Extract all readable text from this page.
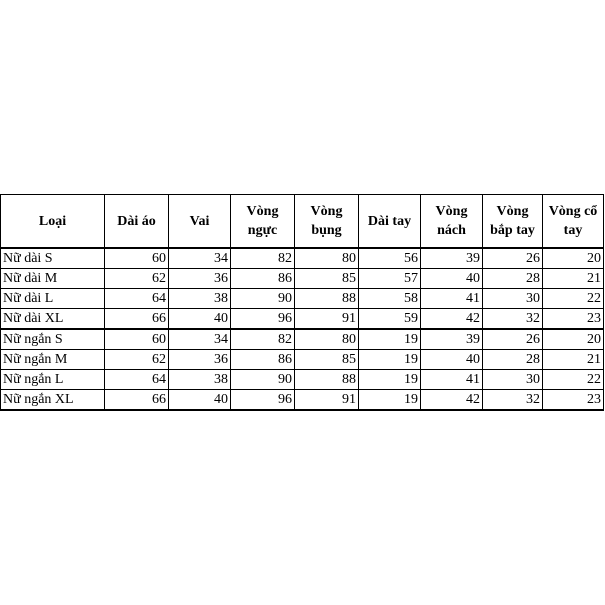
Loại	Dài áo	Vai	Vòng ngực	Vòng bụng	Dài tay	Vòng nách	Vòng bắp tay	Vòng cổ tay
Nữ dài S	60	34	82	80	56	39	26	20
Nữ dài M	62	36	86	85	57	40	28	21
Nữ dài L	64	38	90	88	58	41	30	22
Nữ dài XL	66	40	96	91	59	42	32	23
Nữ ngắn S	60	34	82	80	19	39	26	20
Nữ ngắn M	62	36	86	85	19	40	28	21
Nữ ngắn L	64	38	90	88	19	41	30	22
Nữ ngắn XL	66	40	96	91	19	42	32	23
